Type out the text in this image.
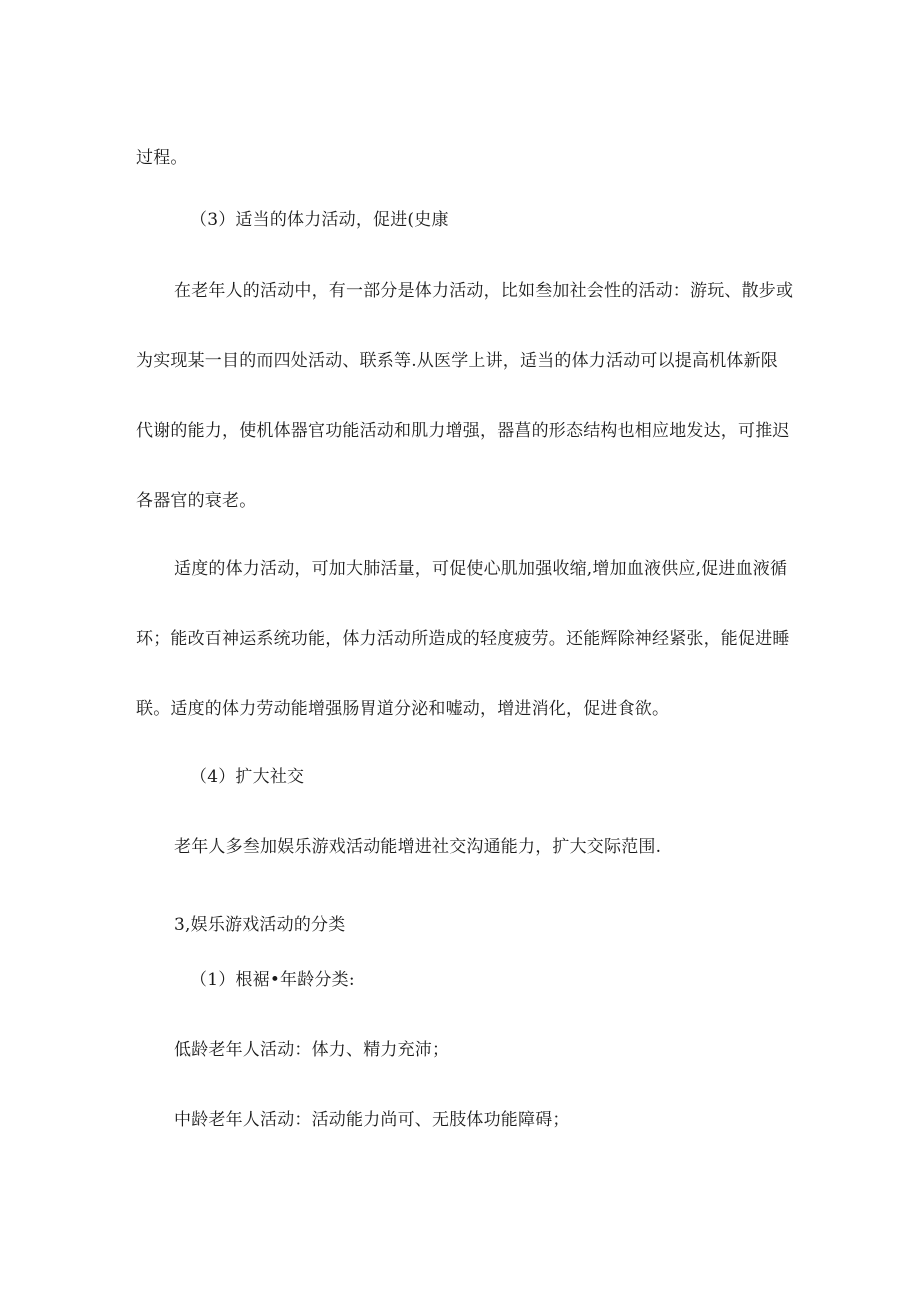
过程。
（3）适当的体力活动，促进(史康
在老年人的活动中，有一部分是体力活动，比如叁加社会性的活动：游玩、散步或
为实现某一目的而四处活动、联系等.从医学上讲，适当的体力活动可以提高机体新限
代谢的能力，使机体器官功能活动和肌力增强，器菖的形态结构也相应地发达，可推迟
各器官的衰老。
适度的体力活动，可加大肺活量，可促使心肌加强收缩,增加血液供应,促进血液循
环；能改百神运系统功能，体力活动所造成的轻度疲劳。还能辉除神经紧张，能促进睡
联。适度的体力劳动能增强肠胃道分泌和嘘动，增进消化，促进食欲。
（4）扩大社交
老年人多叁加娱乐游戏活动能增进社交沟通能力，扩大交际范围.
3,娱乐游戏活动的分类
（1）根裾•年龄分类:
低龄老年人活动：体力、精力充沛；
中龄老年人活动：活动能力尚可、无肢体功能障碍；
